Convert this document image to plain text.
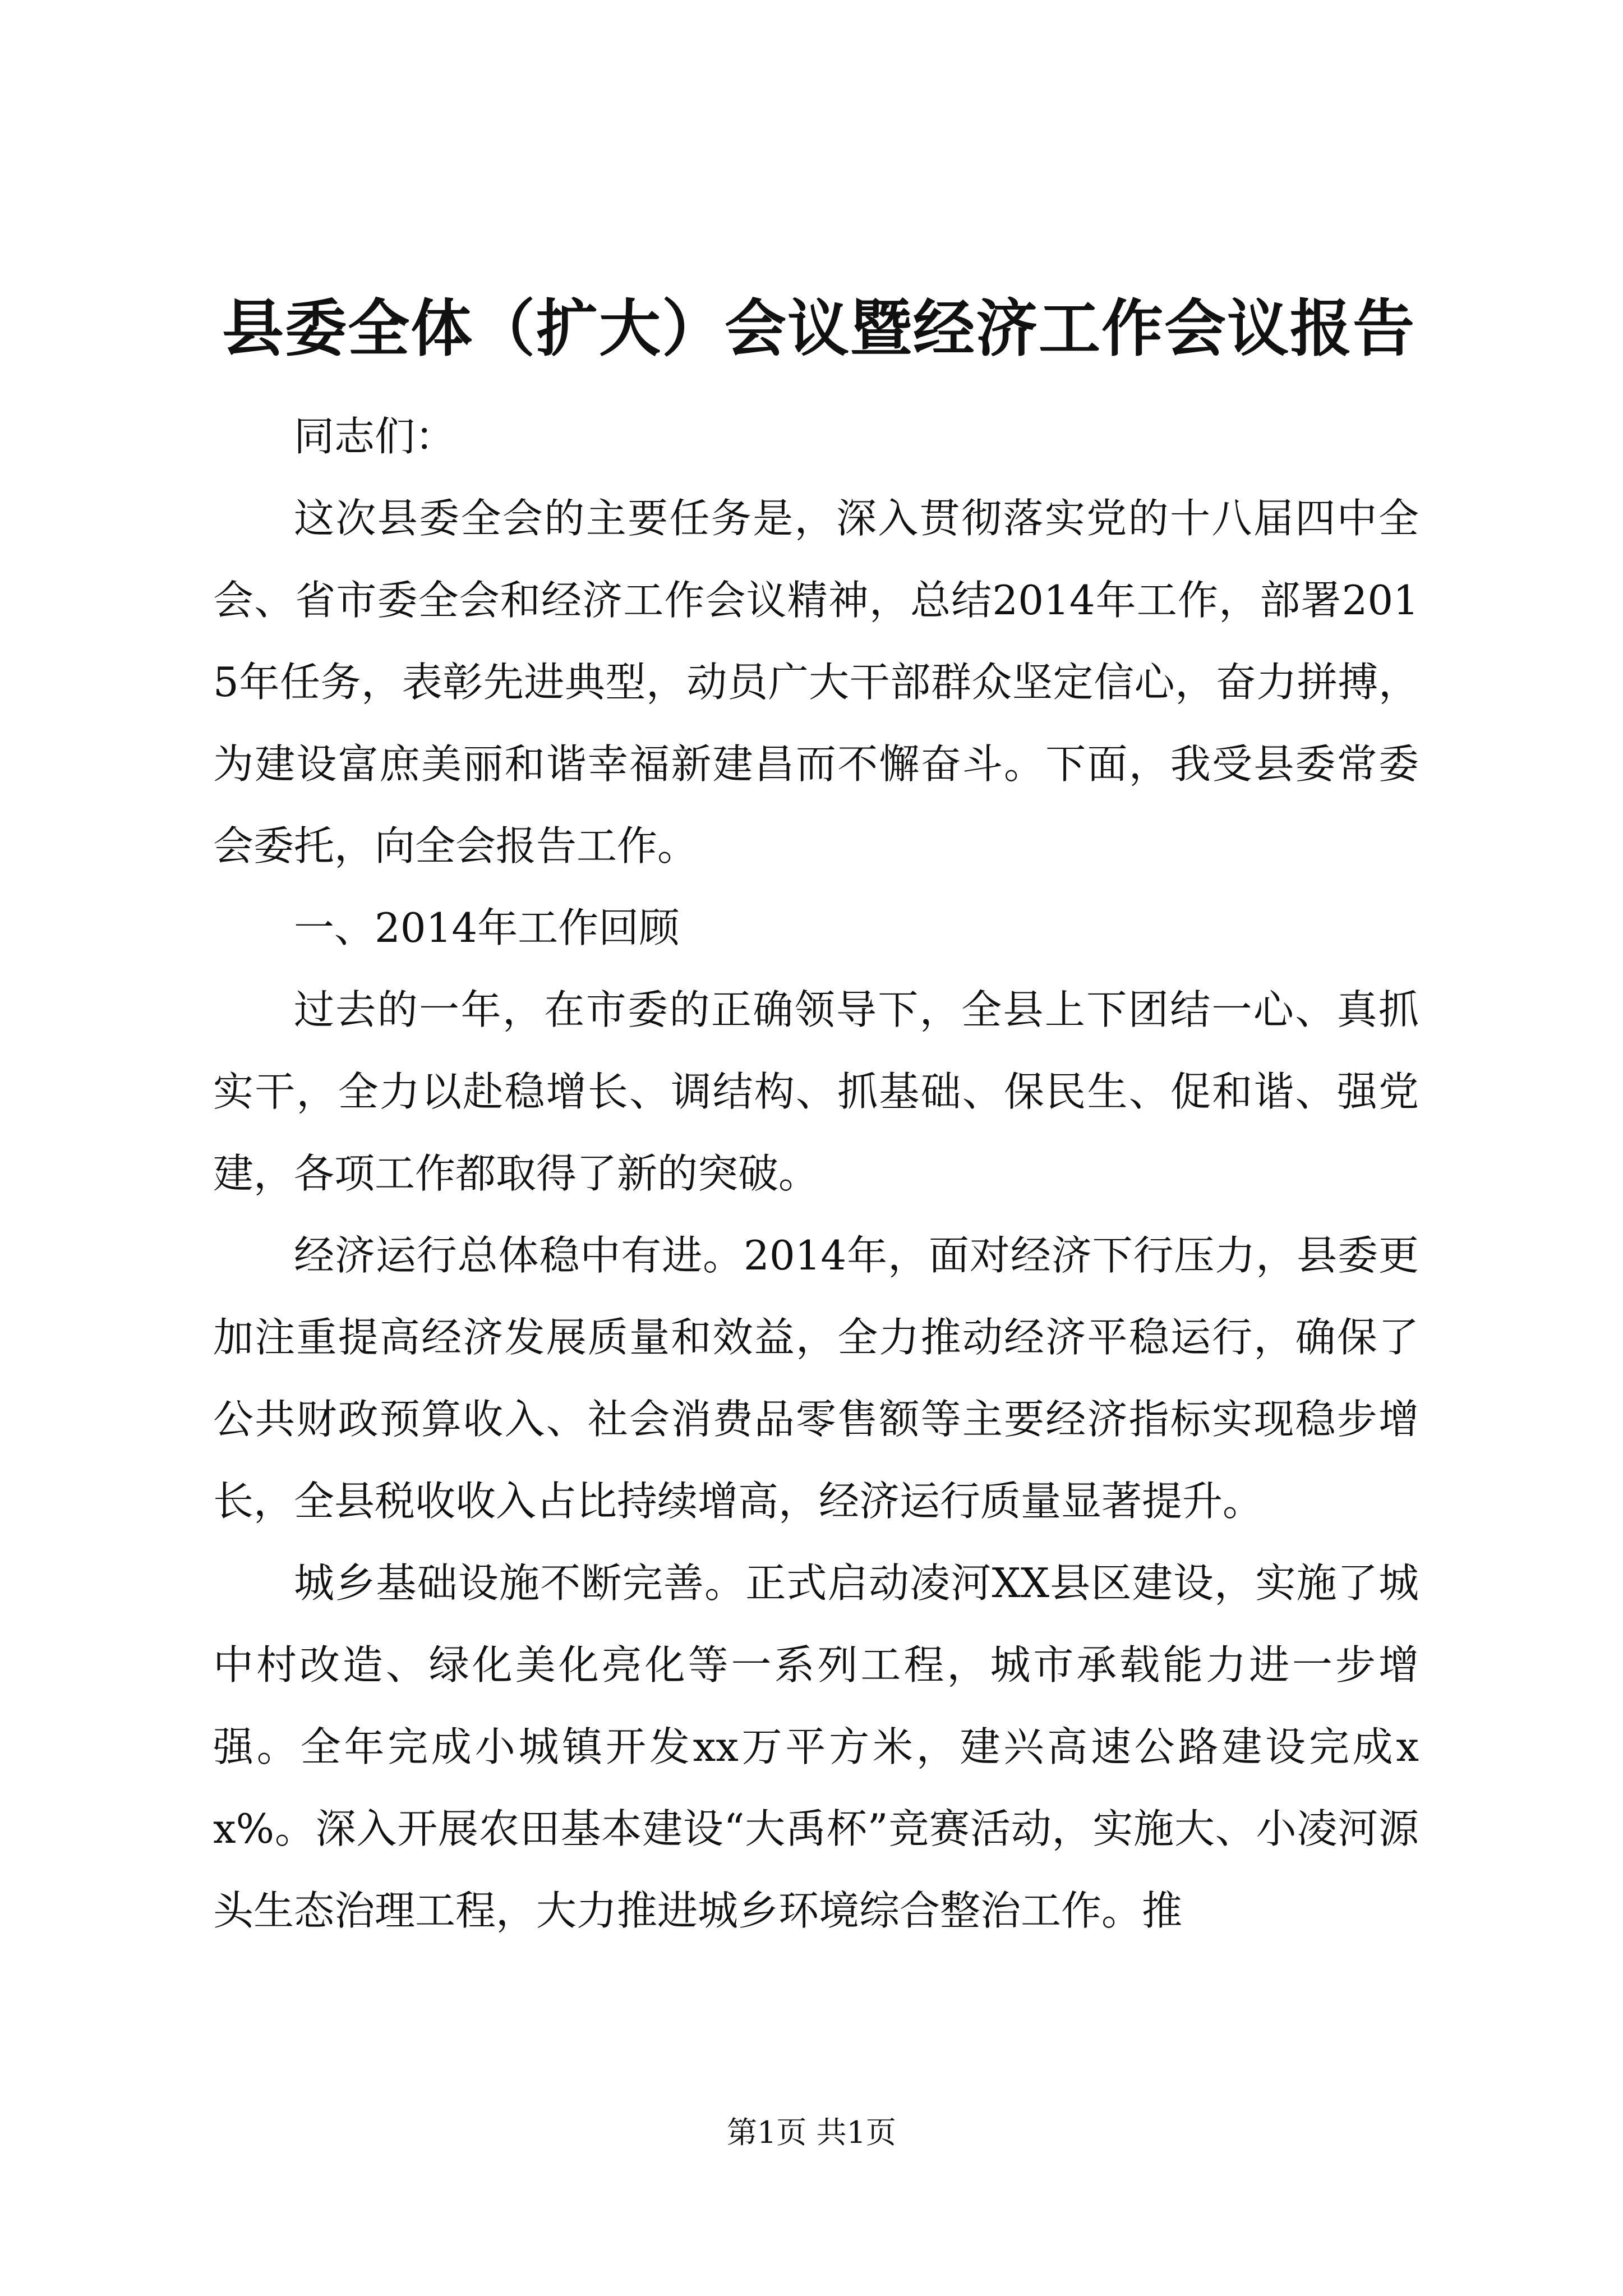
县委全体（扩大）会议暨经济工作会议报告

同志们：

这次县委全会的主要任务是，深入贯彻落实党的十八届四中全会、省市委全会和经济工作会议精神，总结2014年工作，部署2015年任务，表彰先进典型，动员广大干部群众坚定信心，奋力拼搏，为建设富庶美丽和谐幸福新建昌而不懈奋斗。下面，我受县委常委会委托，向全会报告工作。

一、2014年工作回顾

过去的一年，在市委的正确领导下，全县上下团结一心、真抓实干，全力以赴稳增长、调结构、抓基础、保民生、促和谐、强党建，各项工作都取得了新的突破。

经济运行总体稳中有进。2014年，面对经济下行压力，县委更加注重提高经济发展质量和效益，全力推动经济平稳运行，确保了公共财政预算收入、社会消费品零售额等主要经济指标实现稳步增长，全县税收收入占比持续增高，经济运行质量显著提升。

城乡基础设施不断完善。正式启动凌河XX县区建设，实施了城中村改造、绿化美化亮化等一系列工程，城市承载能力进一步增强。全年完成小城镇开发xx万平方米，建兴高速公路建设完成xx%。深入开展农田基本建设“大禹杯”竞赛活动，实施大、小凌河源头生态治理工程，大力推进城乡环境综合整治工作。推

第1页 共1页
